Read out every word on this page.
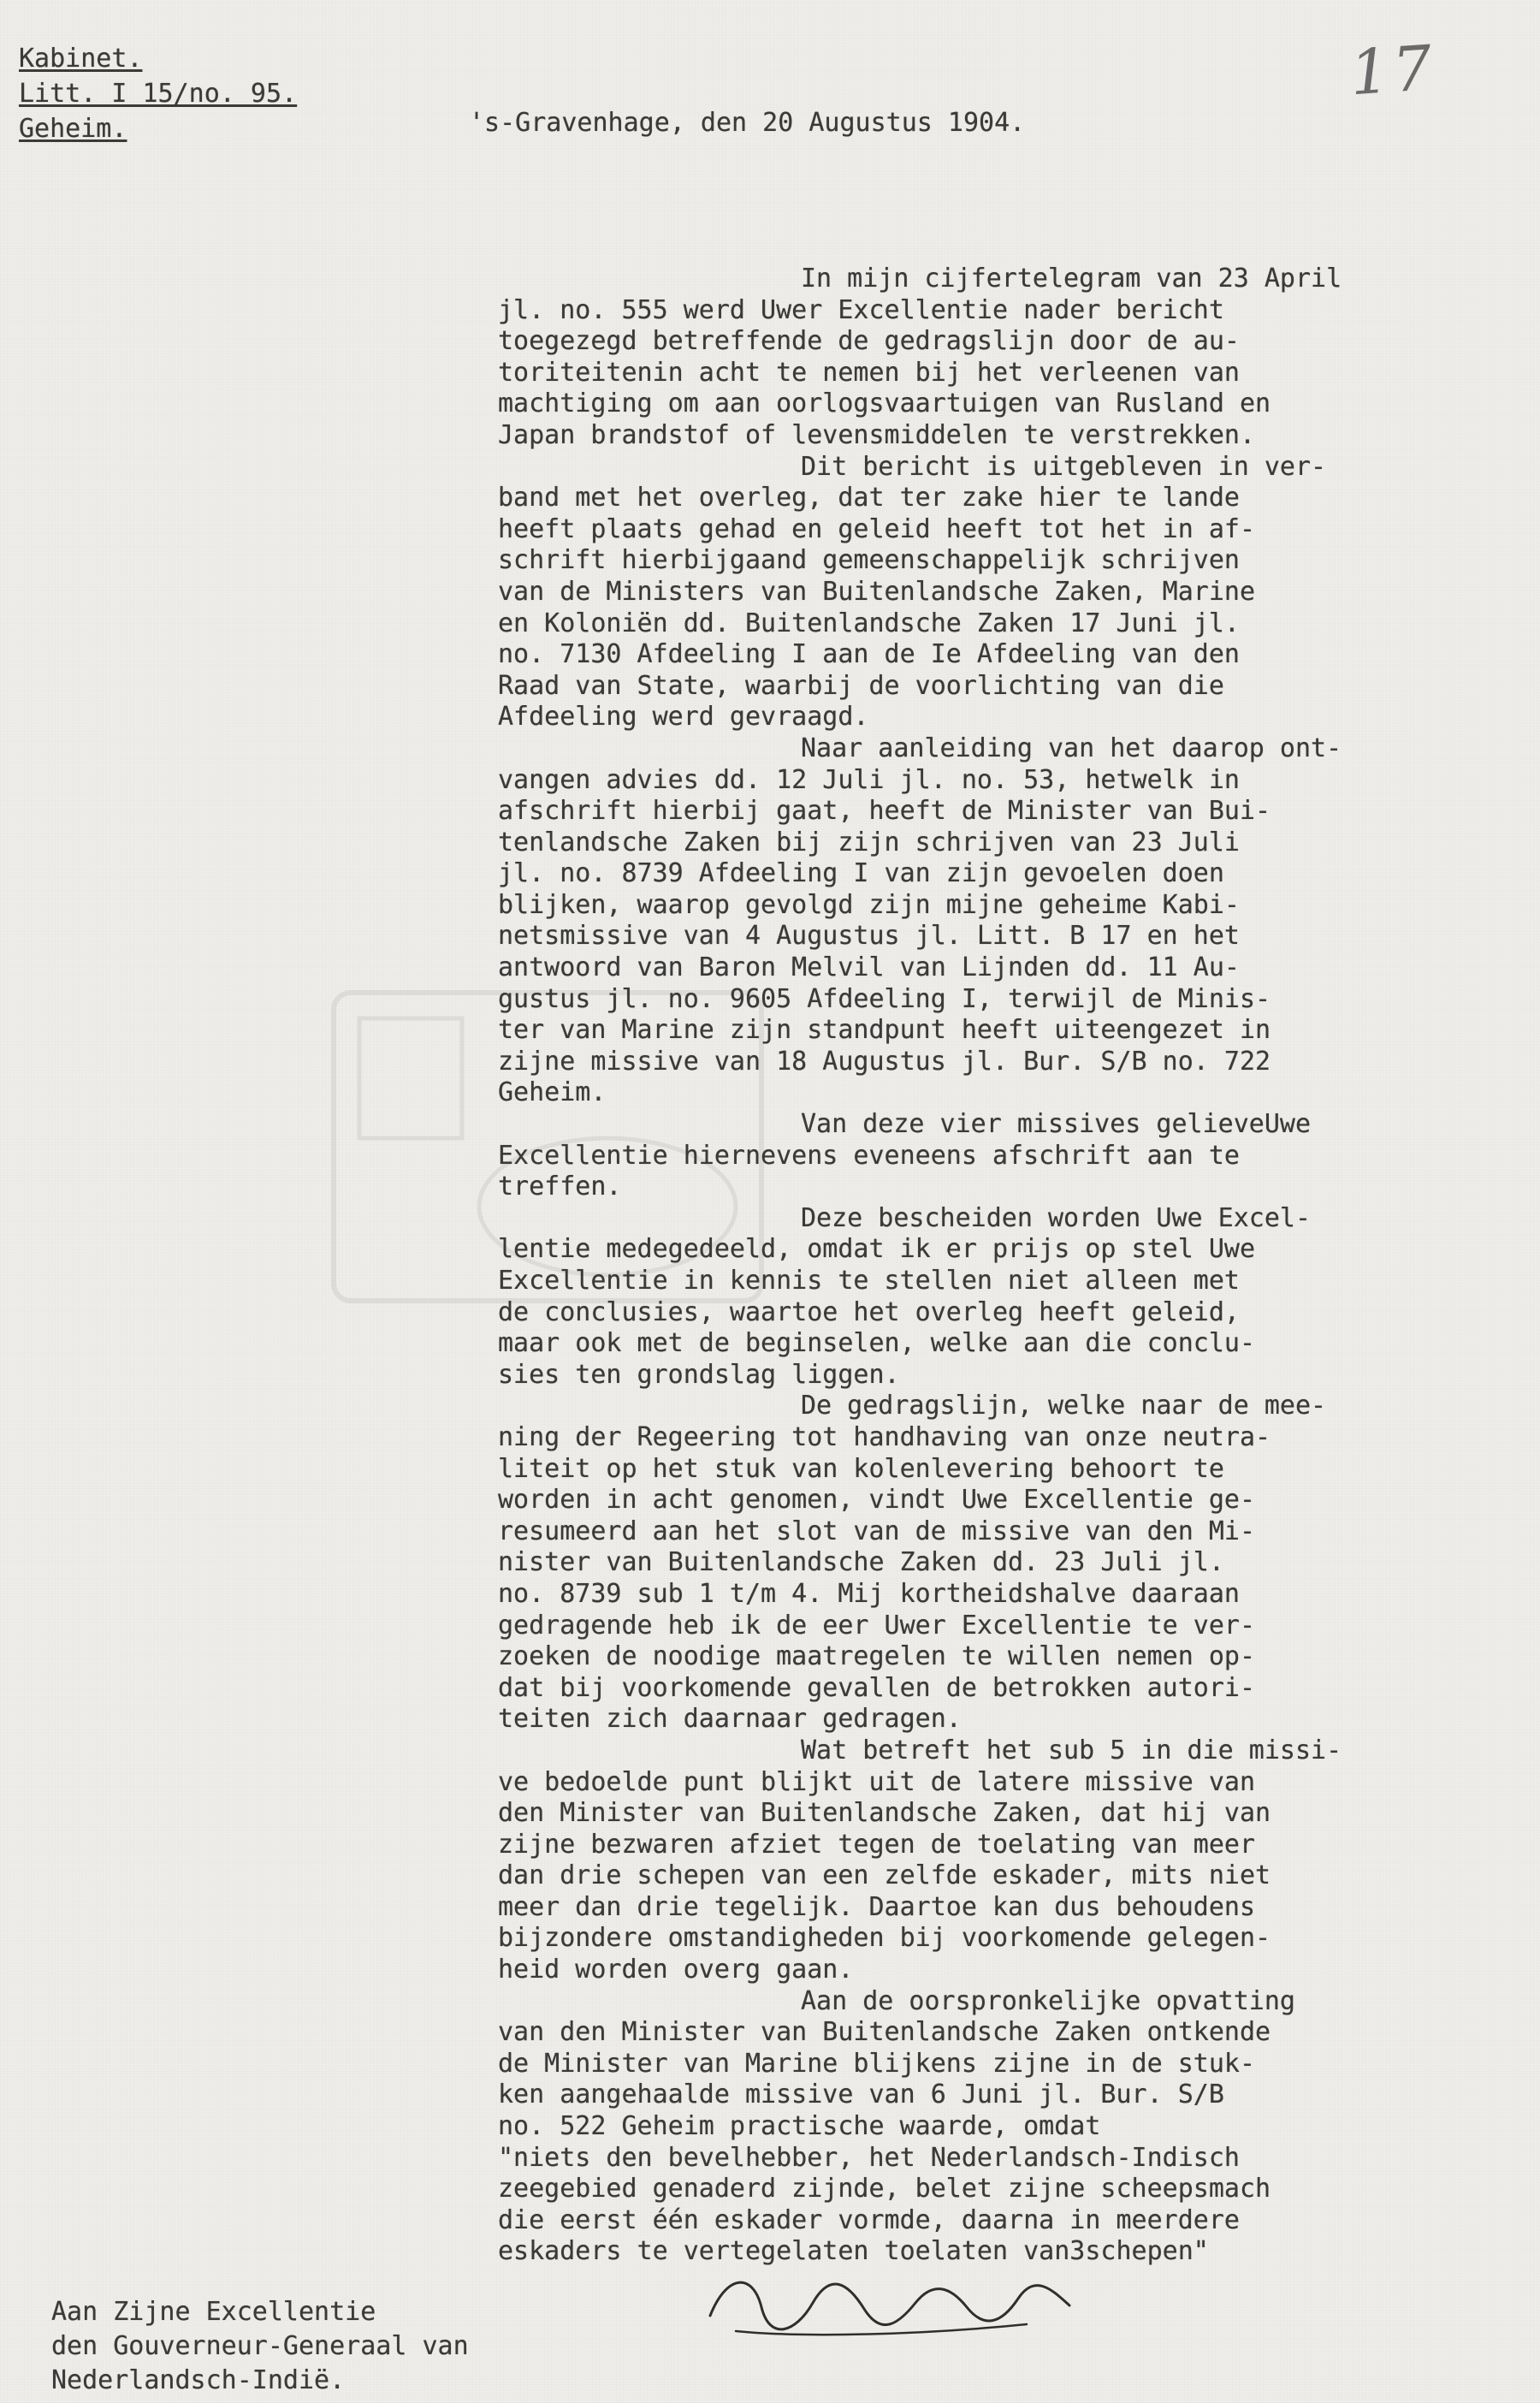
Kabinet.
Litt. I 15/no. 95.
Geheim.
17
's-Gravenhage, den 20 Augustus 1904.
In mijn cijfertelegram van 23 April
jl. no. 555 werd Uwer Excellentie nader bericht
toegezegd betreffende de gedragslijn door de au-
toriteitenin acht te nemen bij het verleenen van
machtiging om aan oorlogsvaartuigen van Rusland en
Japan brandstof of levensmiddelen te verstrekken.
Dit bericht is uitgebleven in ver-
band met het overleg, dat ter zake hier te lande
heeft plaats gehad en geleid heeft tot het in af-
schrift hierbijgaand gemeenschappelijk schrijven
van de Ministers van Buitenlandsche Zaken, Marine
en Koloniën dd. Buitenlandsche Zaken 17 Juni jl.
no. 7130 Afdeeling I aan de Ie Afdeeling van den
Raad van State, waarbij de voorlichting van die
Afdeeling werd gevraagd.
Naar aanleiding van het daarop ont-
vangen advies dd. 12 Juli jl. no. 53, hetwelk in
afschrift hierbij gaat, heeft de Minister van Bui-
tenlandsche Zaken bij zijn schrijven van 23 Juli
jl. no. 8739 Afdeeling I van zijn gevoelen doen
blijken, waarop gevolgd zijn mijne geheime Kabi-
netsmissive van 4 Augustus jl. Litt. B 17 en het
antwoord van Baron Melvil van Lijnden dd. 11 Au-
gustus jl. no. 9605 Afdeeling I, terwijl de Minis-
ter van Marine zijn standpunt heeft uiteengezet in
zijne missive van 18 Augustus jl. Bur. S/B no. 722
Geheim.
Van deze vier missives gelieveUwe
Excellentie hiernevens eveneens afschrift aan te
treffen.
Deze bescheiden worden Uwe Excel-
lentie medegedeeld, omdat ik er prijs op stel Uwe
Excellentie in kennis te stellen niet alleen met
de conclusies, waartoe het overleg heeft geleid,
maar ook met de beginselen, welke aan die conclu-
sies ten grondslag liggen.
De gedragslijn, welke naar de mee-
ning der Regeering tot handhaving van onze neutra-
liteit op het stuk van kolenlevering behoort te
worden in acht genomen, vindt Uwe Excellentie ge-
resumeerd aan het slot van de missive van den Mi-
nister van Buitenlandsche Zaken dd. 23 Juli jl.
no. 8739 sub 1 t/m 4. Mij kortheidshalve daaraan
gedragende heb ik de eer Uwer Excellentie te ver-
zoeken de noodige maatregelen te willen nemen op-
dat bij voorkomende gevallen de betrokken autori-
teiten zich daarnaar gedragen.
Wat betreft het sub 5 in die missi-
ve bedoelde punt blijkt uit de latere missive van
den Minister van Buitenlandsche Zaken, dat hij van
zijne bezwaren afziet tegen de toelating van meer
dan drie schepen van een zelfde eskader, mits niet
meer dan drie tegelijk. Daartoe kan dus behoudens
bijzondere omstandigheden bij voorkomende gelegen-
heid worden overg gaan.
Aan de oorspronkelijke opvatting
van den Minister van Buitenlandsche Zaken ontkende
de Minister van Marine blijkens zijne in de stuk-
ken aangehaalde missive van 6 Juni jl. Bur. S/B
no. 522 Geheim practische waarde, omdat
"niets den bevelhebber, het Nederlandsch-Indisch
zeegebied genaderd zijnde, belet zijne scheepsmach
die eerst één eskader vormde, daarna in meerdere
eskaders te vertegelaten toelaten van3schepen"
Aan Zijne Excellentie
den Gouverneur-Generaal van
Nederlandsch-Indië.
